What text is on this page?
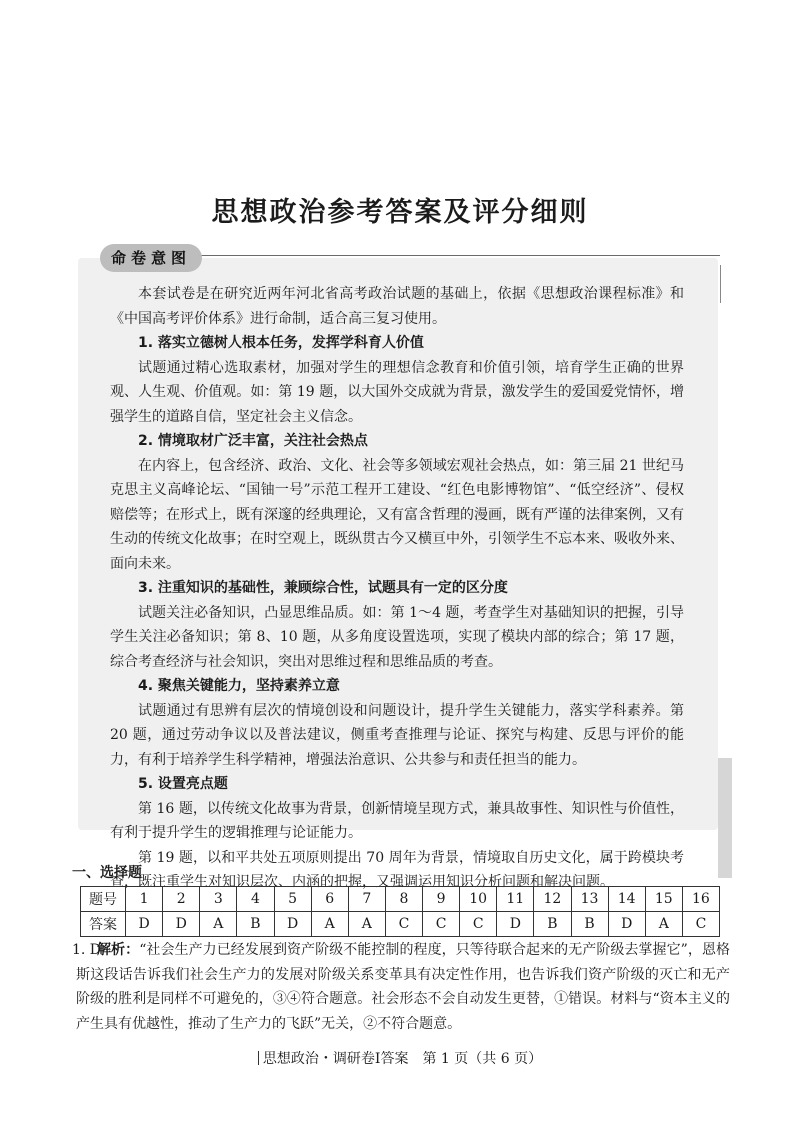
思想政治参考答案及评分细则
命卷意图

本套试卷是在研究近两年河北省高考政治试题的基础上，依据《思想政治课程标准》和《中国高考评价体系》进行命制，适合高三复习使用。

1. 落实立德树人根本任务，发挥学科育人价值

试题通过精心选取素材，加强对学生的理想信念教育和价值引领，培育学生正确的世界观、人生观、价值观。如：第 19 题，以大国外交成就为背景，激发学生的爱国爱党情怀，增强学生的道路自信，坚定社会主义信念。

2. 情境取材广泛丰富，关注社会热点

在内容上，包含经济、政治、文化、社会等多领域宏观社会热点，如：第三届 21 世纪马克思主义高峰论坛、“国铀一号”示范工程开工建设、“红色电影博物馆”、“低空经济”、侵权赔偿等；在形式上，既有深邃的经典理论，又有富含哲理的漫画，既有严谨的法律案例，又有生动的传统文化故事；在时空观上，既纵贯古今又横亘中外，引领学生不忘本来、吸收外来、面向未来。

3. 注重知识的基础性，兼顾综合性，试题具有一定的区分度

试题关注必备知识，凸显思维品质。如：第 1～4 题，考查学生对基础知识的把握，引导学生关注必备知识；第 8、10 题，从多角度设置选项，实现了模块内部的综合；第 17 题，综合考查经济与社会知识，突出对思维过程和思维品质的考查。

4. 聚焦关键能力，坚持素养立意

试题通过有思辨有层次的情境创设和问题设计，提升学生关键能力，落实学科素养。第 20 题，通过劳动争议以及普法建议，侧重考查推理与论证、探究与构建、反思与评价的能力，有利于培养学生科学精神，增强法治意识、公共参与和责任担当的能力。

5. 设置亮点题

第 16 题，以传统文化故事为背景，创新情境呈现方式，兼具故事性、知识性与价值性，有利于提升学生的逻辑推理与论证能力。

第 19 题，以和平共处五项原则提出 70 周年为背景，情境取自历史文化，属于跨模块考查，既注重学生对知识层次、内涵的把握，又强调运用知识分析问题和解决问题。

一、选择题
题号	1	2	3	4	5	6	7	8	9	10	11	12	13	14	15	16
答案	D	D	A	B	D	A	A	C	C	C	D	B	B	D	A	C
1. D

解析：“社会生产力已经发展到资产阶级不能控制的程度，只等待联合起来的无产阶级去掌握它”，恩格斯这段话告诉我们社会生产力的发展对阶级关系变革具有决定性作用，也告诉我们资产阶级的灭亡和无产阶级的胜利是同样不可避免的，③④符合题意。社会形态不会自动发生更替，①错误。材料与“资本主义的产生具有优越性，推动了生产力的飞跃”无关，②不符合题意。

思想政治・调研卷Ⅰ答案　第 1 页（共 6 页）
